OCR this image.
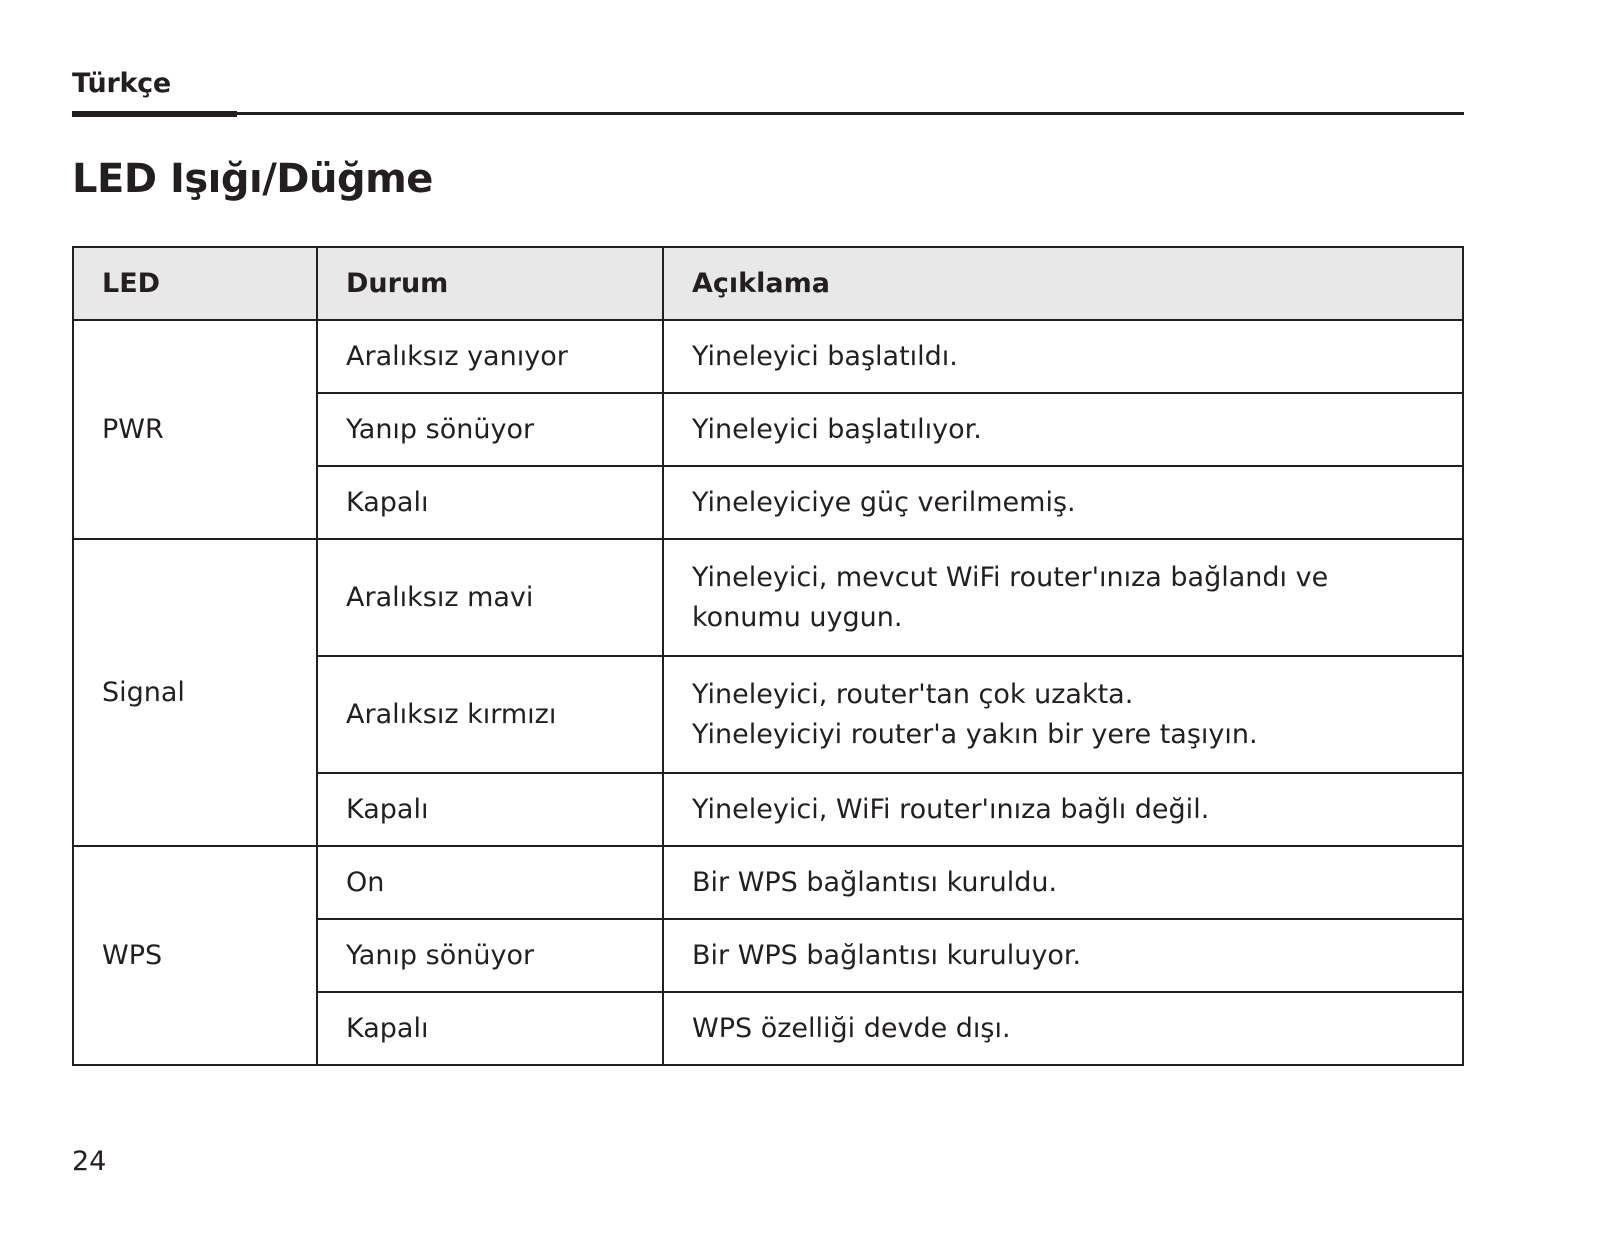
Türkçe
LED Işığı/Düğme
LED	Durum	Açıklama
PWR	Aralıksız yanıyor	Yineleyici başlatıldı.
	Yanıp sönüyor	Yineleyici başlatılıyor.
	Kapalı	Yineleyiciye güç verilmemiş.
Signal	Aralıksız mavi	Yineleyici, mevcut WiFi router'ınıza bağlandı ve
konumu uygun.

	Aralıksız kırmızı	Yineleyici, router'tan çok uzakta.
Yineleyiciyi router'a yakın bir yere taşıyın.

	Kapalı	Yineleyici, WiFi router'ınıza bağlı değil.
WPS	On	Bir WPS bağlantısı kuruldu.
	Yanıp sönüyor	Bir WPS bağlantısı kuruluyor.
	Kapalı	WPS özelliği devde dışı.
24
